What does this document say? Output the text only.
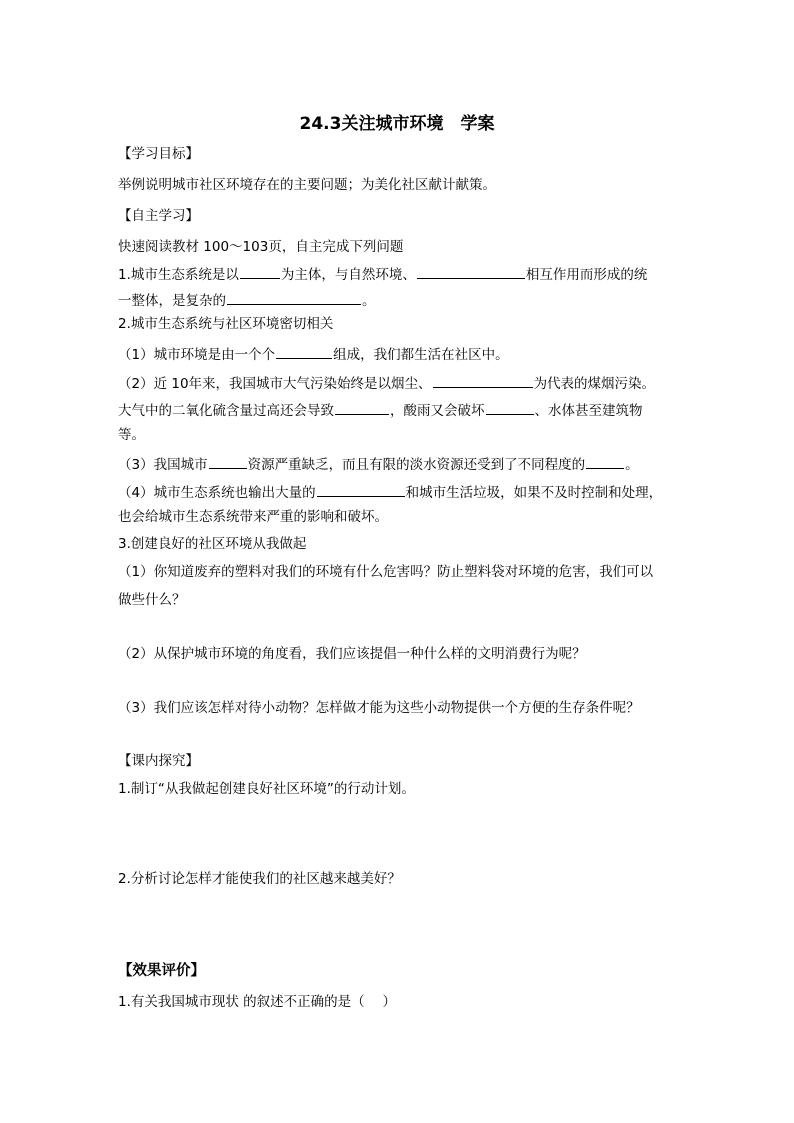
24.3关注城市环境　学案
【学习目标】
举例说明城市社区环境存在的主要问题；为美化社区献计献策。
【自主学习】
快速阅读教材 100～103页，自主完成下列问题
1.城市生态系统是以	为主体，与自然环境、	相互作用而形成的统
一整体，是复杂的	。
2.城市生态系统与社区环境密切相关
（1）城市环境是由一个个	组成，我们都生活在社区中。
（2）近 10年来，我国城市大气污染始终是以烟尘、	为代表的煤烟污染。
大气中的二氧化硫含量过高还会导致	，酸雨又会破坏	、水体甚至建筑物
等。
（3）我国城市	资源严重缺乏，而且有限的淡水资源还受到了不同程度的	。
（4）城市生态系统也输出大量的	和城市生活垃圾，如果不及时控制和处理，
也会给城市生态系统带来严重的影响和破坏。
3.创建良好的社区环境从我做起
（1）你知道废弃的塑料对我们的环境有什么危害吗？防止塑料袋对环境的危害，我们可以
做些什么？
（2）从保护城市环境的角度看，我们应该提倡一种什么样的文明消费行为呢？
（3）我们应该怎样对待小动物？怎样做才能为这些小动物提供一个方便的生存条件呢？
【课内探究】
1.制订“从我做起创建良好社区环境”的行动计划。
2.分析讨论怎样才能使我们的社区越来越美好？
【效果评价】
1.有关我国城市现状 的叙述不正确的是（　 ）
